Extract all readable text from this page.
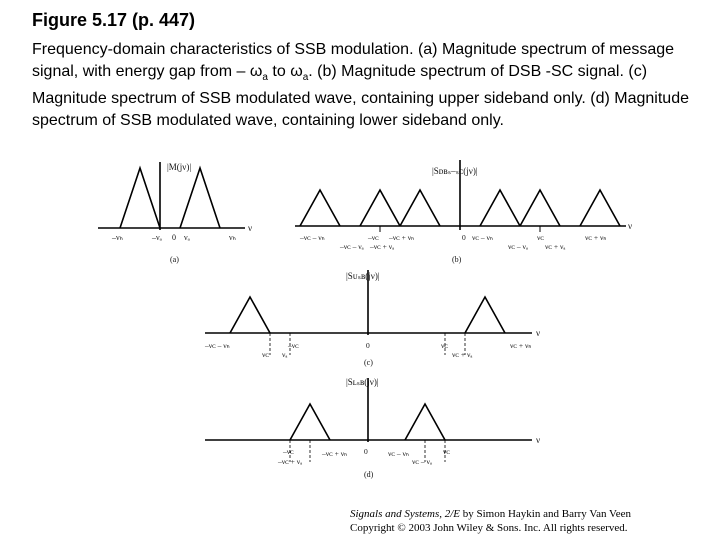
Figure 5.17 (p. 447)

Frequency-domain characteristics of SSB modulation. (a) Magnitude spectrum of message signal, with energy gap from – $\omega_a$ to $\omega_a$. (b) Magnitude spectrum of DSB -SC signal. (c) Magnitude spectrum of SSB modulated wave, containing upper sideband only. (d) Magnitude spectrum of SSB modulated wave, containing lower sideband only.

|M(jν)|
ν
–νₕ	–νₐ 0 νₐ	νₕ
(a)
|Sᴅʙₛ–ₛᴄ(jν)|
ν
–νᴄ – νₕ	–νᴄ –νᴄ + νₕ	νᴄ – νₕ	νᴄ	νᴄ + νₕ
–νᴄ – νₐ –νᴄ + νₐ
0
νᴄ – νₐ νᴄ + νₐ
(b)
|Sᴜₛʙ(jν)|
ν
–νᴄ – νₕ	–νᴄ	0	νᴄ	νᴄ + νₕ
νᴄ νₐ	νᴄ + νₐ
(c)
|Sʟₛʙ(jν)|
ν
–νᴄ	0	νᴄ
–νᴄ + νₐ
–νᴄ + νₕ	νᴄ – νₕ
νᴄ – νₐ
(d)
Signals and Systems, 2/E by Simon Haykin and Barry Van Veen
Copyright © 2003 John Wiley & Sons. Inc. All rights reserved.
